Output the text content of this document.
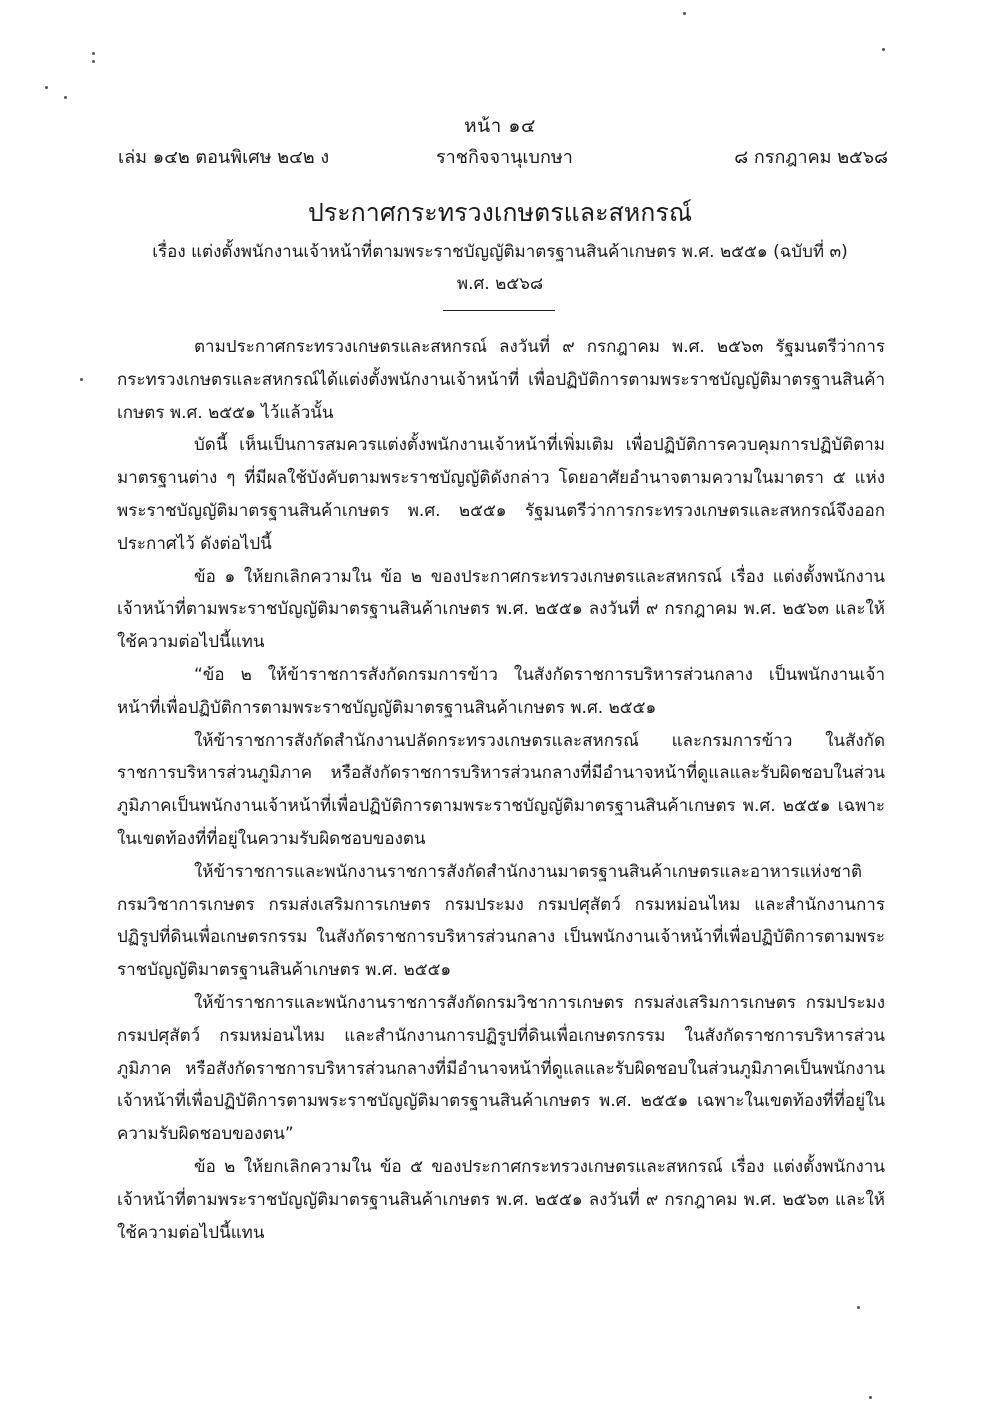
หน้า ๑๔
เล่ม ๑๔๒ ตอนพิเศษ ๒๔๒ ง	ราชกิจจานุเบกษา	๘ กรกฎาคม ๒๕๖๘
ประกาศกระทรวงเกษตรและสหกรณ์
เรื่อง แต่งตั้งพนักงานเจ้าหน้าที่ตามพระราชบัญญัติมาตรฐานสินค้าเกษตร พ.ศ. ๒๕๕๑ (ฉบับที่ ๓)
พ.ศ. ๒๕๖๘

ตามประกาศกระทรวงเกษตรและสหกรณ์ ลงวันที่ ๙ กรกฎาคม พ.ศ. ๒๕๖๓ รัฐมนตรีว่าการกระทรวงเกษตรและสหกรณ์ได้แต่งตั้งพนักงานเจ้าหน้าที่ เพื่อปฏิบัติการตามพระราชบัญญัติมาตรฐานสินค้าเกษตร พ.ศ. ๒๕๕๑ ไว้แล้วนั้น

บัดนี้ เห็นเป็นการสมควรแต่งตั้งพนักงานเจ้าหน้าที่เพิ่มเติม เพื่อปฏิบัติการควบคุมการปฏิบัติตามมาตรฐานต่าง ๆ ที่มีผลใช้บังคับตามพระราชบัญญัติดังกล่าว โดยอาศัยอำนาจตามความในมาตรา ๕ แห่งพระราชบัญญัติมาตรฐานสินค้าเกษตร พ.ศ. ๒๕๕๑ รัฐมนตรีว่าการกระทรวงเกษตรและสหกรณ์จึงออกประกาศไว้ ดังต่อไปนี้

ข้อ ๑ ให้ยกเลิกความใน ข้อ ๒ ของประกาศกระทรวงเกษตรและสหกรณ์ เรื่อง แต่งตั้งพนักงานเจ้าหน้าที่ตามพระราชบัญญัติมาตรฐานสินค้าเกษตร พ.ศ. ๒๕๕๑ ลงวันที่ ๙ กรกฎาคม พ.ศ. ๒๕๖๓ และให้ใช้ความต่อไปนี้แทน

“ข้อ ๒ ให้ข้าราชการสังกัดกรมการข้าว ในสังกัดราชการบริหารส่วนกลาง เป็นพนักงานเจ้าหน้าที่เพื่อปฏิบัติการตามพระราชบัญญัติมาตรฐานสินค้าเกษตร พ.ศ. ๒๕๕๑

ให้ข้าราชการสังกัดสำนักงานปลัดกระทรวงเกษตรและสหกรณ์ และกรมการข้าว ในสังกัดราชการบริหารส่วนภูมิภาค หรือสังกัดราชการบริหารส่วนกลางที่มีอำนาจหน้าที่ดูแลและรับผิดชอบในส่วนภูมิภาคเป็นพนักงานเจ้าหน้าที่เพื่อปฏิบัติการตามพระราชบัญญัติมาตรฐานสินค้าเกษตร พ.ศ. ๒๕๕๑ เฉพาะในเขตท้องที่ที่อยู่ในความรับผิดชอบของตน

ให้ข้าราชการและพนักงานราชการสังกัดสำนักงานมาตรฐานสินค้าเกษตรและอาหารแห่งชาติ กรมวิชาการเกษตร กรมส่งเสริมการเกษตร กรมประมง กรมปศุสัตว์ กรมหม่อนไหม และสำนักงานการปฏิรูปที่ดินเพื่อเกษตรกรรม ในสังกัดราชการบริหารส่วนกลาง เป็นพนักงานเจ้าหน้าที่เพื่อปฏิบัติการตามพระราชบัญญัติมาตรฐานสินค้าเกษตร พ.ศ. ๒๕๕๑

ให้ข้าราชการและพนักงานราชการสังกัดกรมวิชาการเกษตร กรมส่งเสริมการเกษตร กรมประมง กรมปศุสัตว์ กรมหม่อนไหม และสำนักงานการปฏิรูปที่ดินเพื่อเกษตรกรรม ในสังกัดราชการบริหารส่วนภูมิภาค หรือสังกัดราชการบริหารส่วนกลางที่มีอำนาจหน้าที่ดูแลและรับผิดชอบในส่วนภูมิภาคเป็นพนักงานเจ้าหน้าที่เพื่อปฏิบัติการตามพระราชบัญญัติมาตรฐานสินค้าเกษตร พ.ศ. ๒๕๕๑ เฉพาะในเขตท้องที่ที่อยู่ในความรับผิดชอบของตน”

ข้อ ๒ ให้ยกเลิกความใน ข้อ ๕ ของประกาศกระทรวงเกษตรและสหกรณ์ เรื่อง แต่งตั้งพนักงานเจ้าหน้าที่ตามพระราชบัญญัติมาตรฐานสินค้าเกษตร พ.ศ. ๒๕๕๑ ลงวันที่ ๙ กรกฎาคม พ.ศ. ๒๕๖๓ และให้ใช้ความต่อไปนี้แทน
